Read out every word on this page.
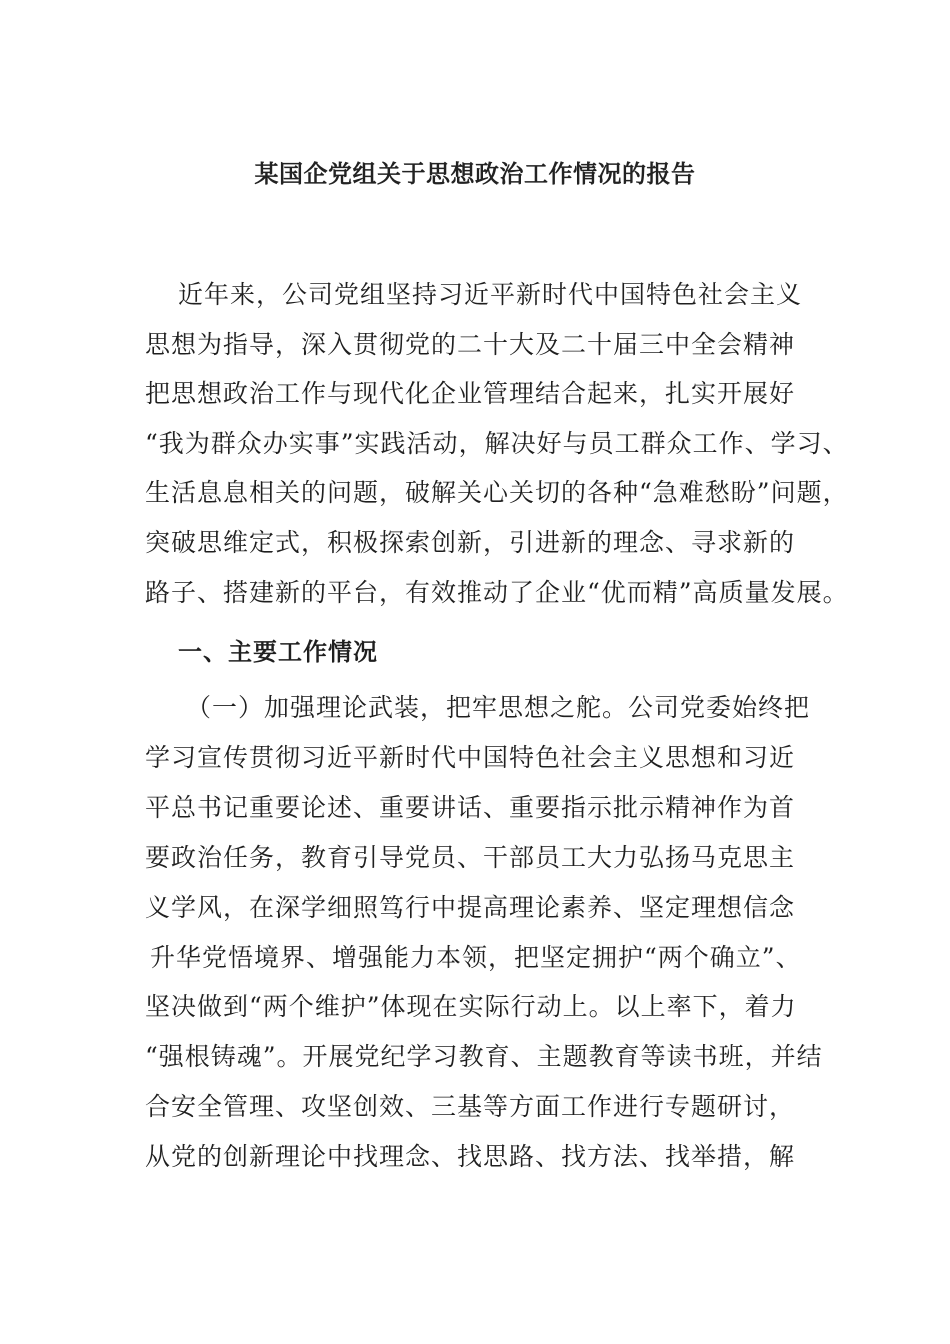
某国企党组关于思想政治工作情况的报告

近年来，公司党组坚持习近平新时代中国特色社会主义

思想为指导，深入贯彻党的二十大及二十届三中全会精神

把思想政治工作与现代化企业管理结合起来，扎实开展好

“我为群众办实事”实践活动，解决好与员工群众工作、学习、

生活息息相关的问题，破解关心关切的各种“急难愁盼”问题，

突破思维定式，积极探索创新，引进新的理念、寻求新的

路子、搭建新的平台，有效推动了企业“优而精”高质量发展。

一、主要工作情况

（一）加强理论武装，把牢思想之舵。公司党委始终把

学习宣传贯彻习近平新时代中国特色社会主义思想和习近

平总书记重要论述、重要讲话、重要指示批示精神作为首

要政治任务，教育引导党员、干部员工大力弘扬马克思主

义学风，在深学细照笃行中提高理论素养、坚定理想信念

升华党悟境界、增强能力本领，把坚定拥护“两个确立”、

坚决做到“两个维护”体现在实际行动上。以上率下，着力

“强根铸魂”。开展党纪学习教育、主题教育等读书班，并结

合安全管理、攻坚创效、三基等方面工作进行专题研讨，

从党的创新理论中找理念、找思路、找方法、找举措，解
